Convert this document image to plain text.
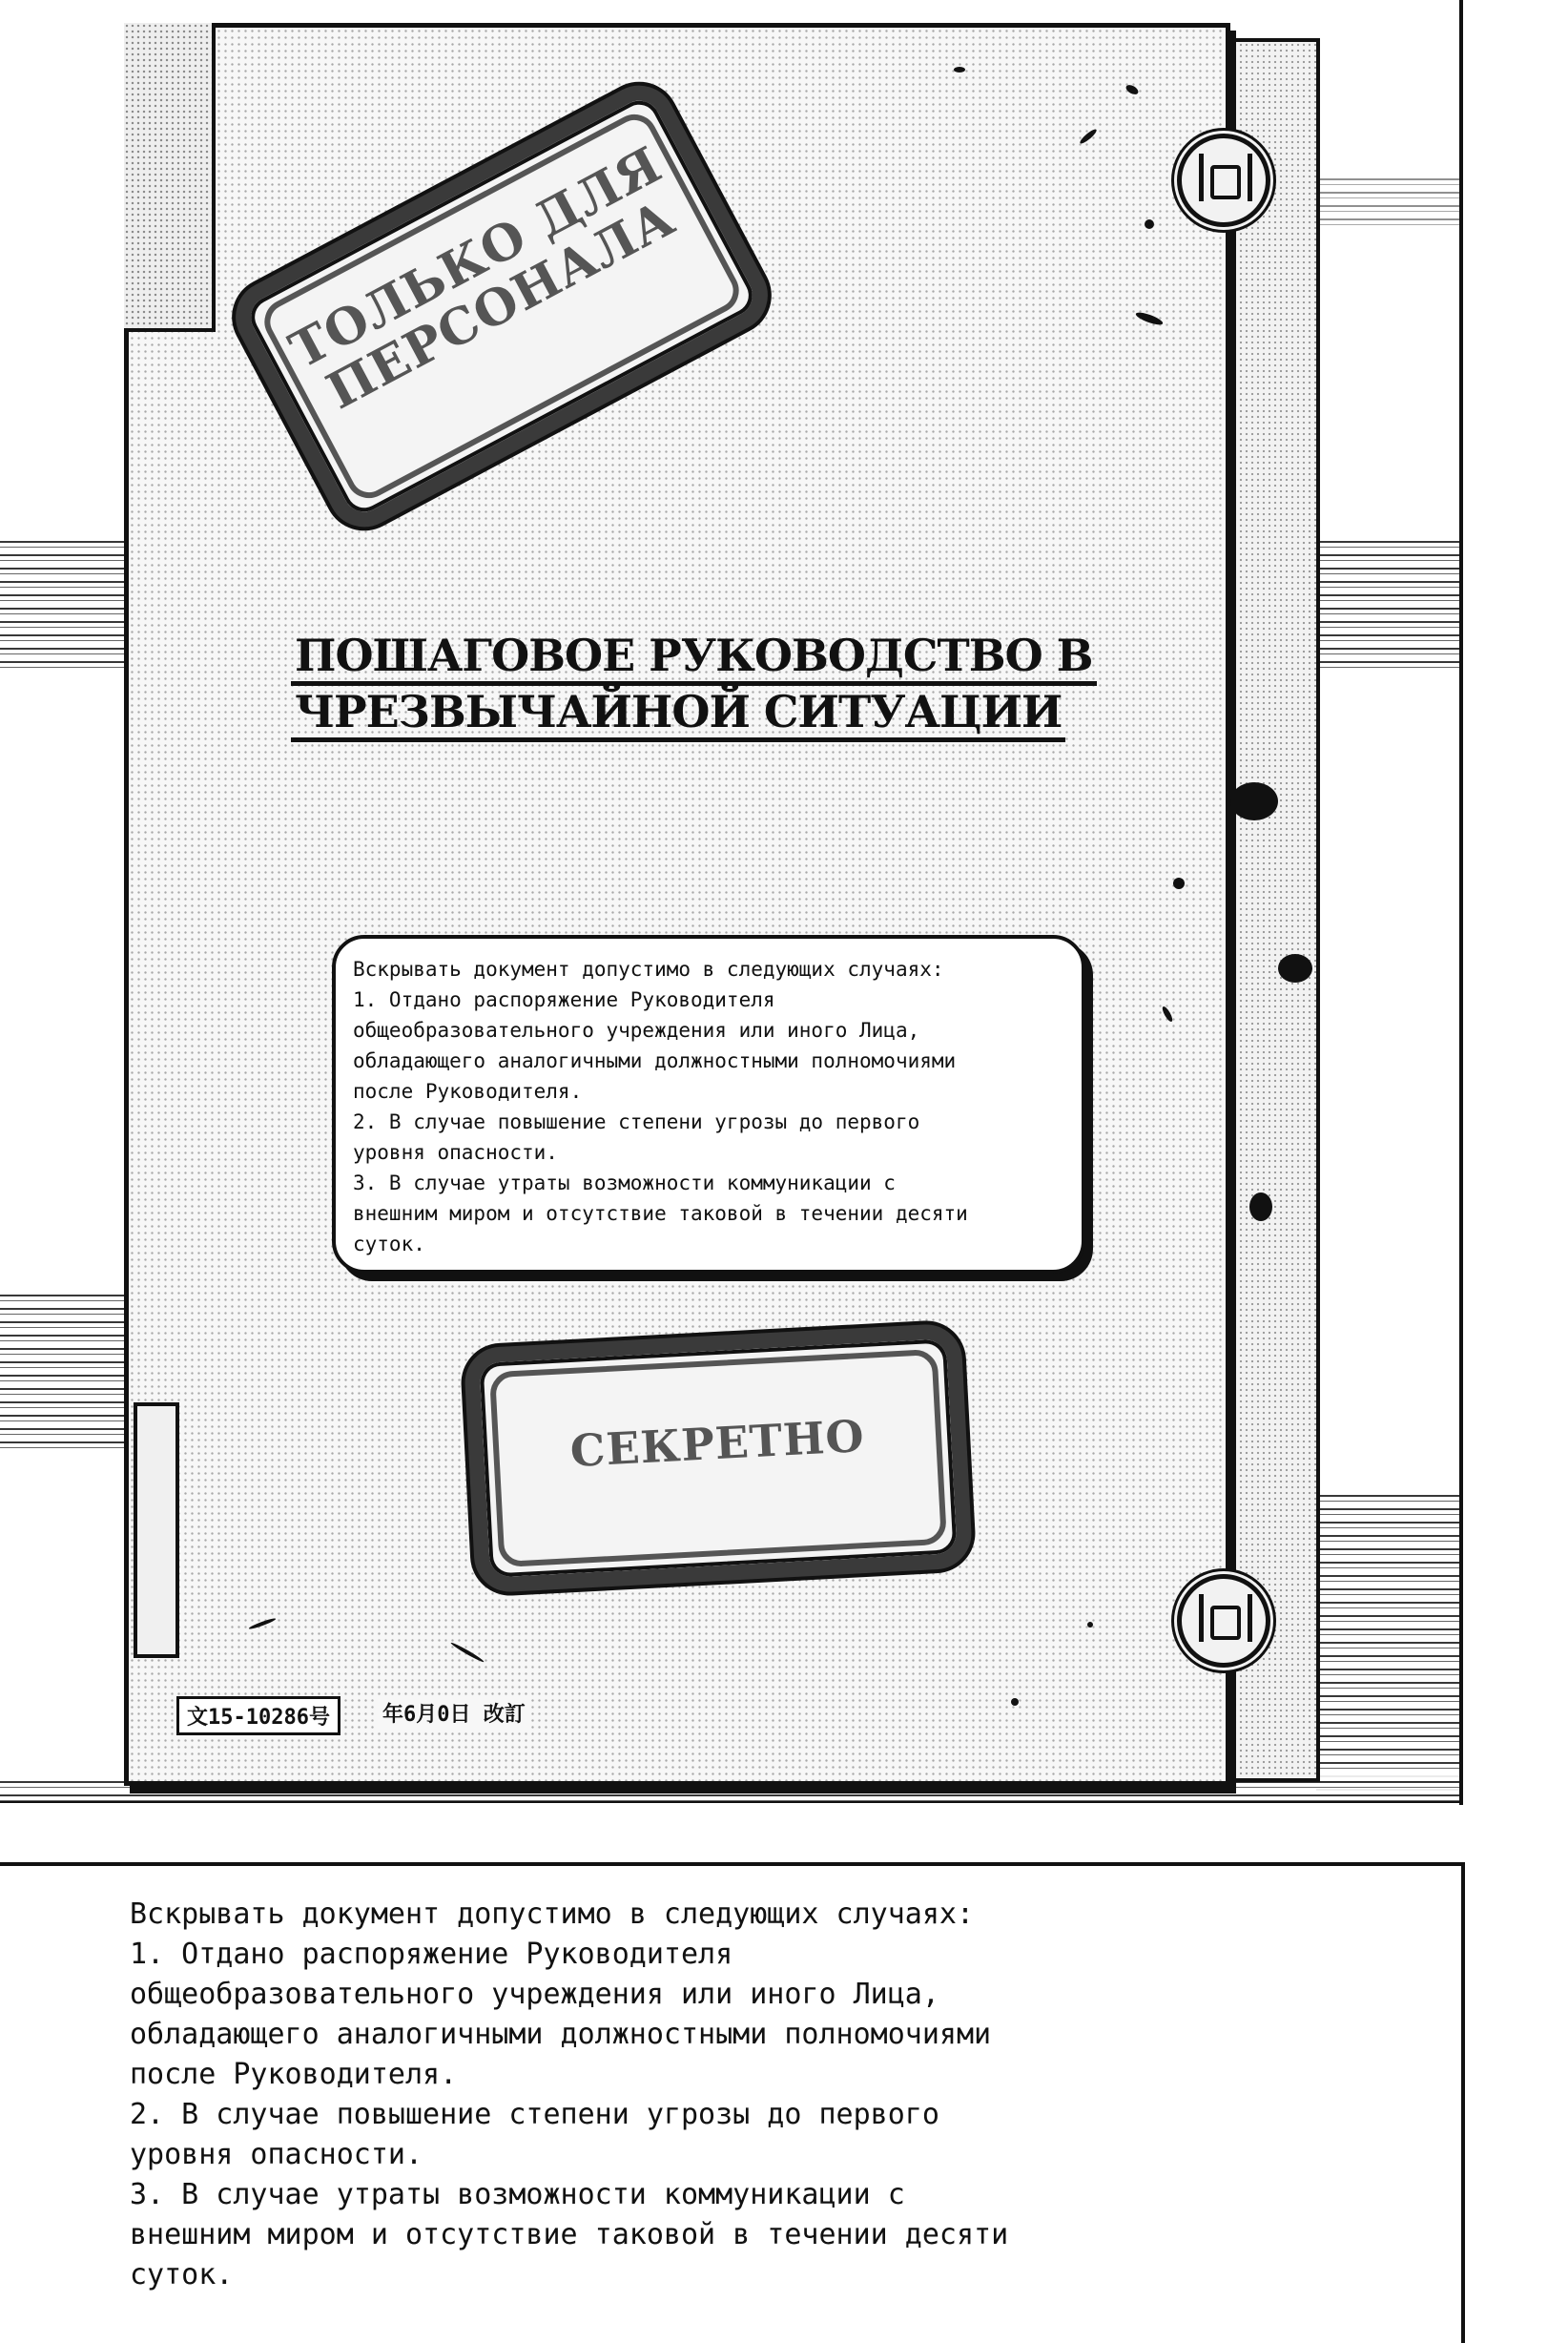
ТОЛЬКО ДЛЯ ПЕРСОНАЛА
ПОШАГОВОЕ РУКОВОДСТВО В
ЧРЕЗВЫЧАЙНОЙ СИТУАЦИИ
Вскрывать документ допустимо в следующих случаях:
1. Отдано распоряжение Руководителя
общеобразовательного учреждения или иного Лица,
обладающего аналогичными должностными полномочиями
после Руководителя.
2. В случае повышение степени угрозы до первого
уровня опасности.
3. В случае утраты возможности коммуникации с
внешним миром и отсутствие таковой в течении десяти
суток.
СЕКРЕТНО
文15-10286号	年6月0日 改訂
Вскрывать документ допустимо в следующих случаях:
1. Отдано распоряжение Руководителя
общеобразовательного учреждения или иного Лица,
обладающего аналогичными должностными полномочиями
после Руководителя.
2. В случае повышение степени угрозы до первого
уровня опасности.
3. В случае утраты возможности коммуникации с
внешним миром и отсутствие таковой в течении десяти
суток.
